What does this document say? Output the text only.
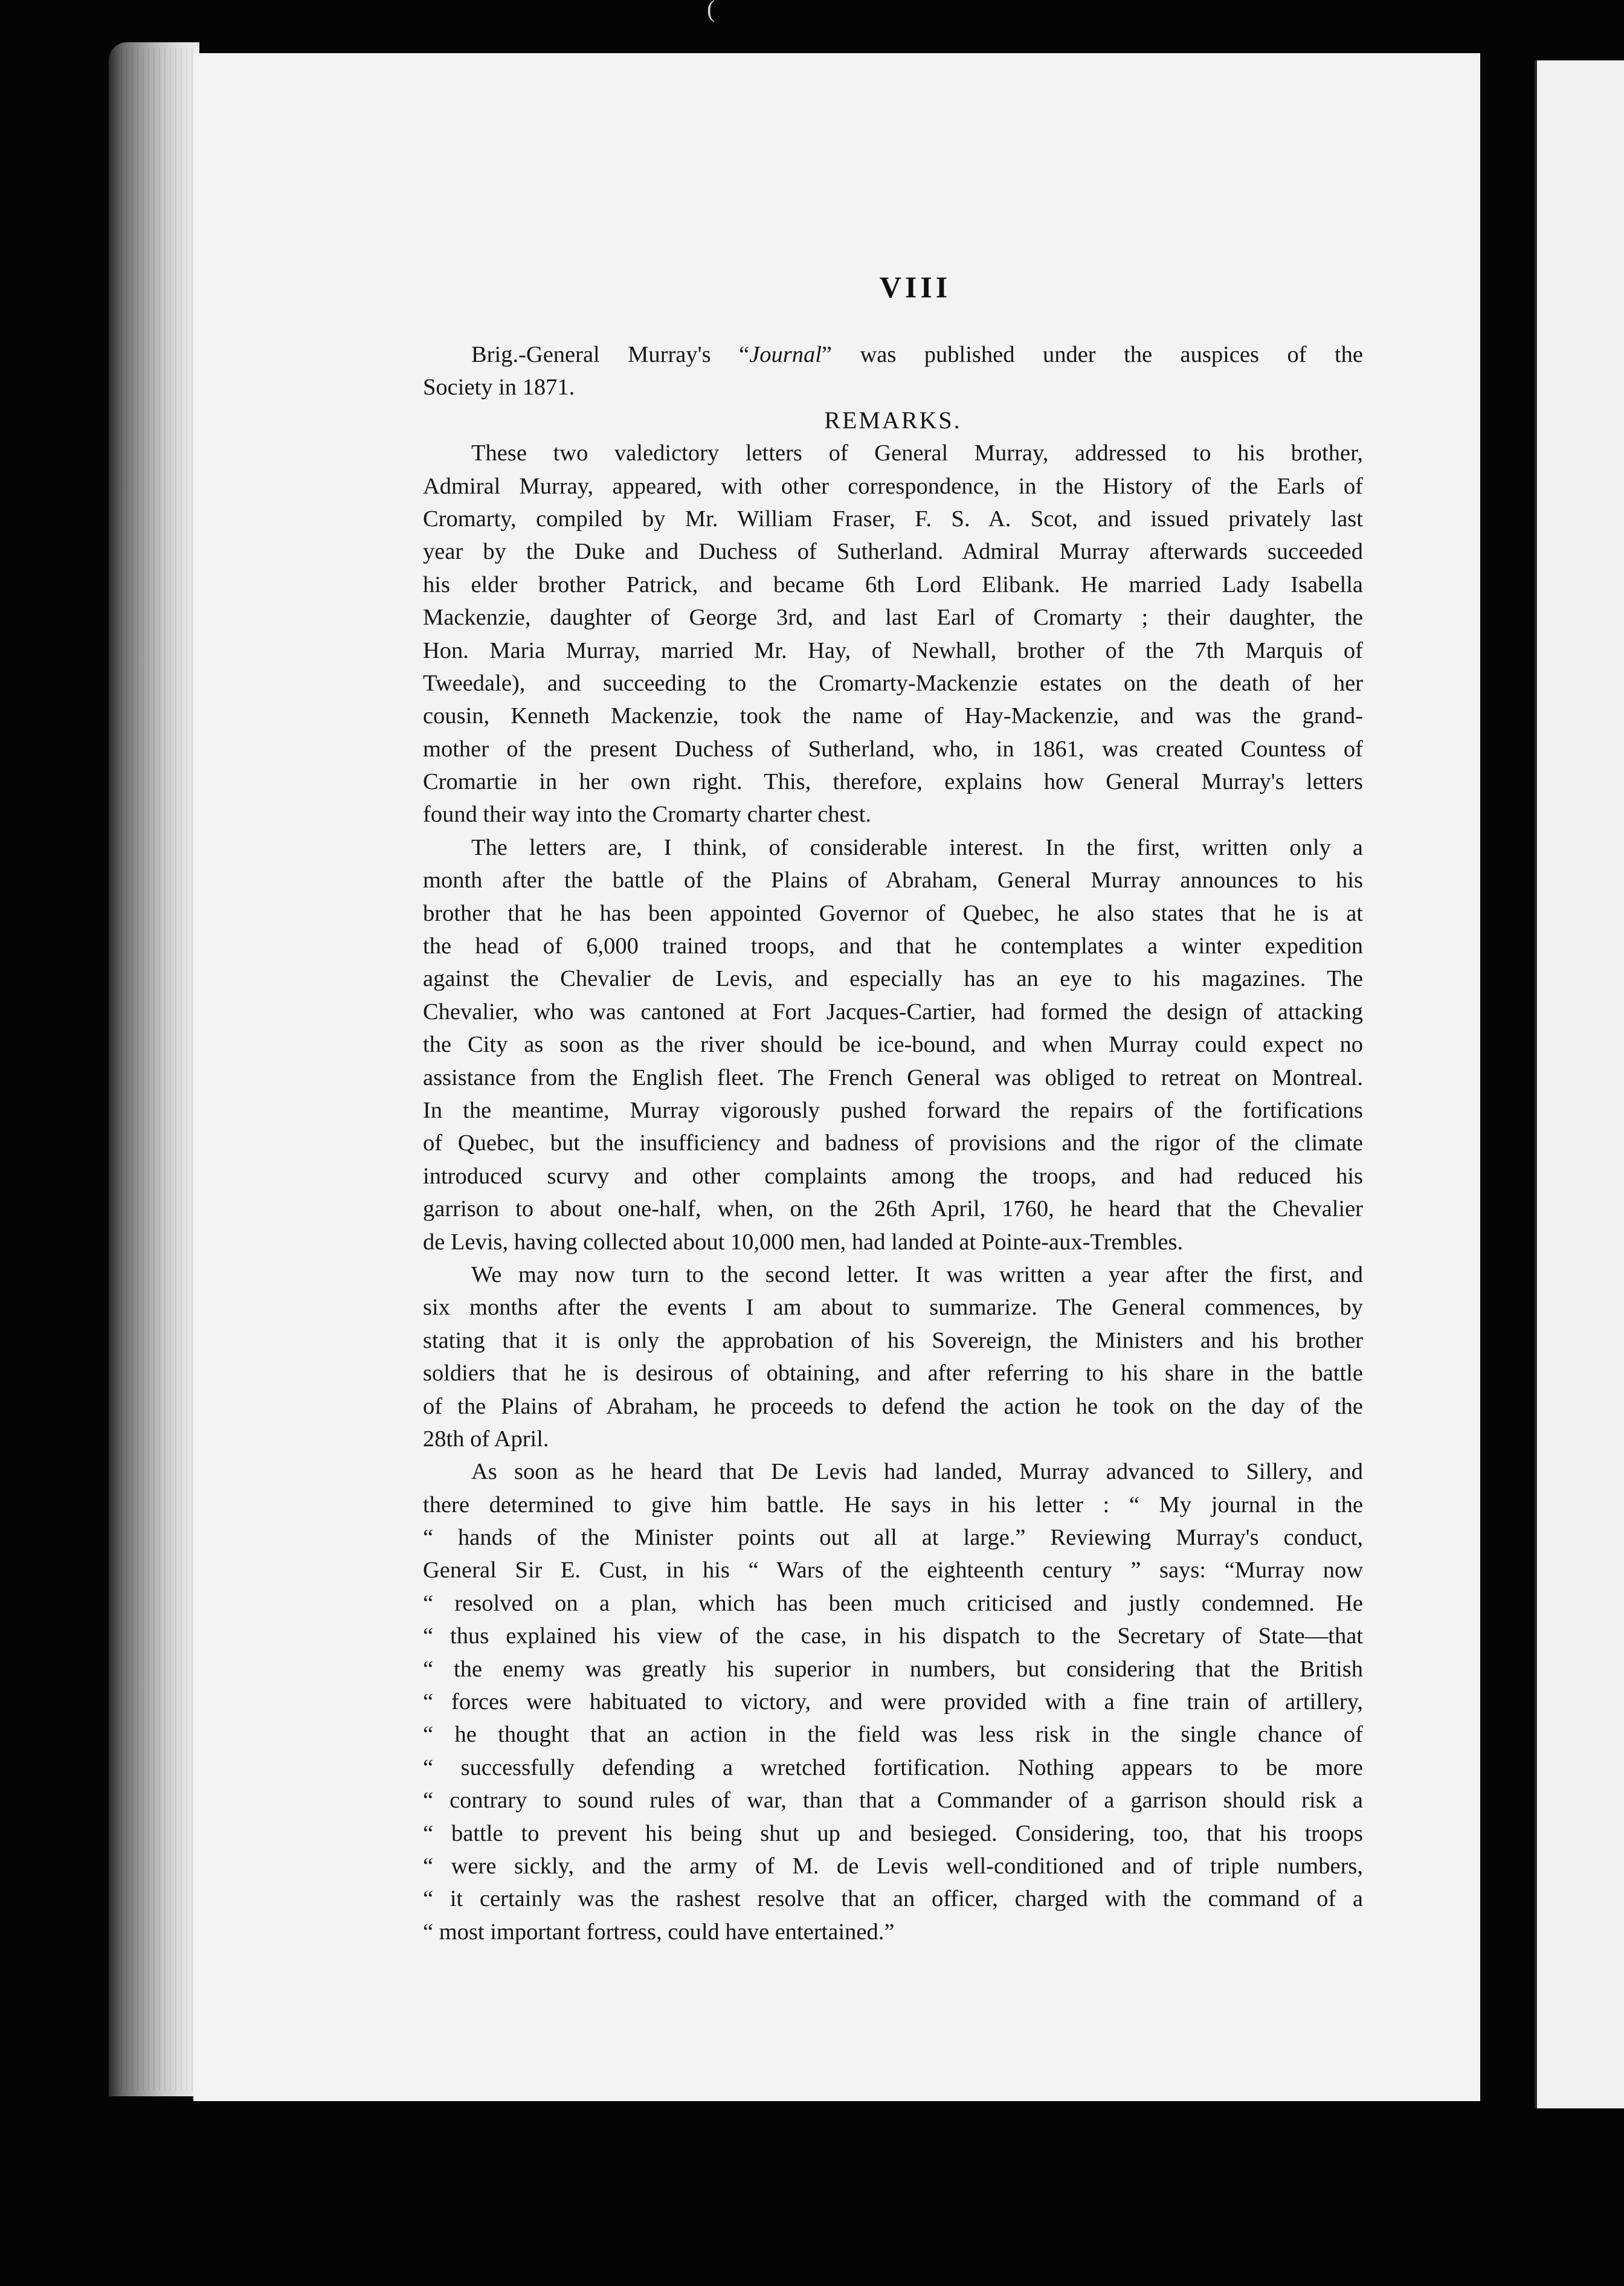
(
VIII
Brig.-General Murray's “Journal” was published under the auspices of the
Society in 1871.
REMARKS.
These two valedictory letters of General Murray, addressed to his brother,
Admiral Murray, appeared, with other correspondence, in the History of the Earls of
Cromarty, compiled by Mr. William Fraser, F. S. A. Scot, and issued privately last
year by the Duke and Duchess of Sutherland. Admiral Murray afterwards succeeded
his elder brother Patrick, and became 6th Lord Elibank. He married Lady Isabella
Mackenzie, daughter of George 3rd, and last Earl of Cromarty ; their daughter, the
Hon. Maria Murray, married Mr. Hay, of Newhall, brother of the 7th Marquis of
Tweedale), and succeeding to the Cromarty-Mackenzie estates on the death of her
cousin, Kenneth Mackenzie, took the name of Hay-Mackenzie, and was the grand-
mother of the present Duchess of Sutherland, who, in 1861, was created Countess of
Cromartie in her own right. This, therefore, explains how General Murray's letters
found their way into the Cromarty charter chest.
The letters are, I think, of considerable interest. In the first, written only a
month after the battle of the Plains of Abraham, General Murray announces to his
brother that he has been appointed Governor of Quebec, he also states that he is at
the head of 6,000 trained troops, and that he contemplates a winter expedition
against the Chevalier de Levis, and especially has an eye to his magazines. The
Chevalier, who was cantoned at Fort Jacques-Cartier, had formed the design of attacking
the City as soon as the river should be ice-bound, and when Murray could expect no
assistance from the English fleet. The French General was obliged to retreat on Montreal.
In the meantime, Murray vigorously pushed forward the repairs of the fortifications
of Quebec, but the insufficiency and badness of provisions and the rigor of the climate
introduced scurvy and other complaints among the troops, and had reduced his
garrison to about one-half, when, on the 26th April, 1760, he heard that the Chevalier
de Levis, having collected about 10,000 men, had landed at Pointe-aux-Trembles.
We may now turn to the second letter. It was written a year after the first, and
six months after the events I am about to summarize. The General commences, by
stating that it is only the approbation of his Sovereign, the Ministers and his brother
soldiers that he is desirous of obtaining, and after referring to his share in the battle
of the Plains of Abraham, he proceeds to defend the action he took on the day of the
28th of April.
As soon as he heard that De Levis had landed, Murray advanced to Sillery, and
there determined to give him battle. He says in his letter : “ My journal in the
“ hands of the Minister points out all at large.” Reviewing Murray's conduct,
General Sir E. Cust, in his “ Wars of the eighteenth century ” says: “Murray now
“ resolved on a plan, which has been much criticised and justly condemned. He
“ thus explained his view of the case, in his dispatch to the Secretary of State—that
“ the enemy was greatly his superior in numbers, but considering that the British
“ forces were habituated to victory, and were provided with a fine train of artillery,
“ he thought that an action in the field was less risk in the single chance of
“ successfully defending a wretched fortification. Nothing appears to be more
“ contrary to sound rules of war, than that a Commander of a garrison should risk a
“ battle to prevent his being shut up and besieged. Considering, too, that his troops
“ were sickly, and the army of M. de Levis well-conditioned and of triple numbers,
“ it certainly was the rashest resolve that an officer, charged with the command of a
“ most important fortress, could have entertained.”
